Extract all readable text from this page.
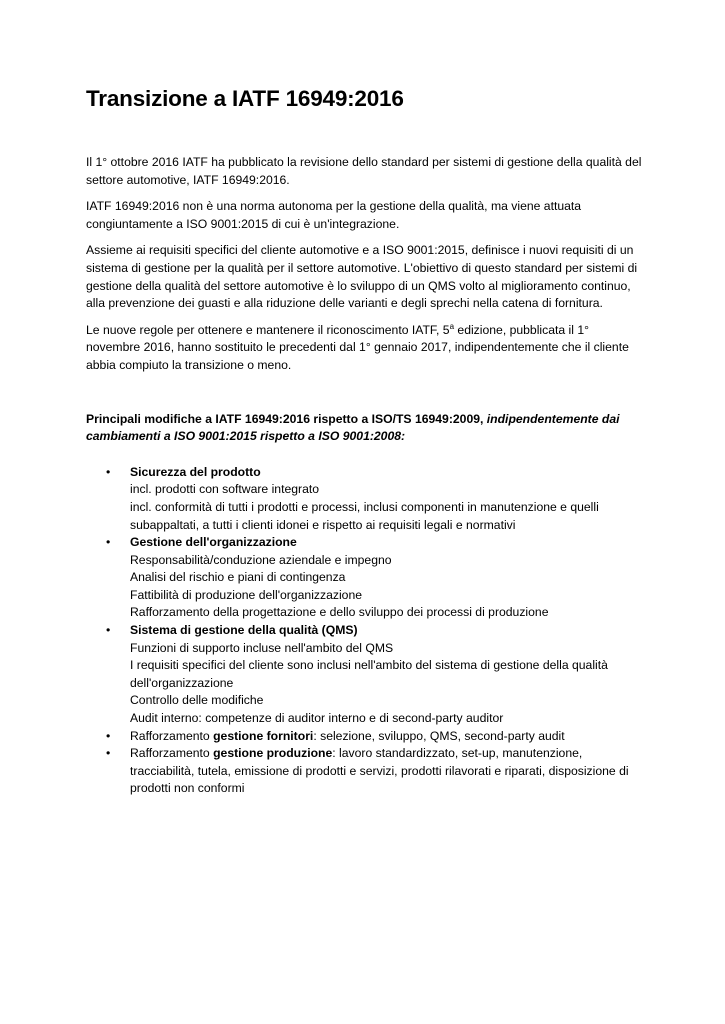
Transizione a IATF 16949:2016

Il 1° ottobre 2016 IATF ha pubblicato la revisione dello standard per sistemi di gestione della qualità del settore automotive, IATF 16949:2016.

IATF 16949:2016 non è una norma autonoma per la gestione della qualità, ma viene attuata congiuntamente a ISO 9001:2015 di cui è un'integrazione.

Assieme ai requisiti specifici del cliente automotive e a ISO 9001:2015, definisce i nuovi requisiti di un sistema di gestione per la qualità per il settore automotive. L'obiettivo di questo standard per sistemi di gestione della qualità del settore automotive è lo sviluppo di un QMS volto al miglioramento continuo, alla prevenzione dei guasti e alla riduzione delle varianti e degli sprechi nella catena di fornitura.

Le nuove regole per ottenere e mantenere il riconoscimento IATF, 5$^a$ edizione, pubblicata il 1° novembre 2016, hanno sostituito le precedenti dal 1° gennaio 2017, indipendentemente che il cliente abbia compiuto la transizione o meno.

Principali modifiche a IATF 16949:2016 rispetto a ISO/TS 16949:2009, indipendentemente dai cambiamenti a ISO 9001:2015 rispetto a ISO 9001:2008:

• Sicurezza del prodotto
incl. prodotti con software integrato
incl. conformità di tutti i prodotti e processi, inclusi componenti in manutenzione e quelli subappaltati, a tutti i clienti idonei e rispetto ai requisiti legali e normativi
• Gestione dell'organizzazione
Responsabilità/conduzione aziendale e impegno
Analisi del rischio e piani di contingenza
Fattibilità di produzione dell'organizzazione
Rafforzamento della progettazione e dello sviluppo dei processi di produzione
• Sistema di gestione della qualità (QMS)
Funzioni di supporto incluse nell'ambito del QMS
I requisiti specifici del cliente sono inclusi nell'ambito del sistema di gestione della qualità dell'organizzazione
Controllo delle modifiche
Audit interno: competenze di auditor interno e di second-party auditor
• Rafforzamento gestione fornitori: selezione, sviluppo, QMS, second-party audit
• Rafforzamento gestione produzione: lavoro standardizzato, set-up, manutenzione, tracciabilità, tutela, emissione di prodotti e servizi, prodotti rilavorati e riparati, disposizione di prodotti non conformi
